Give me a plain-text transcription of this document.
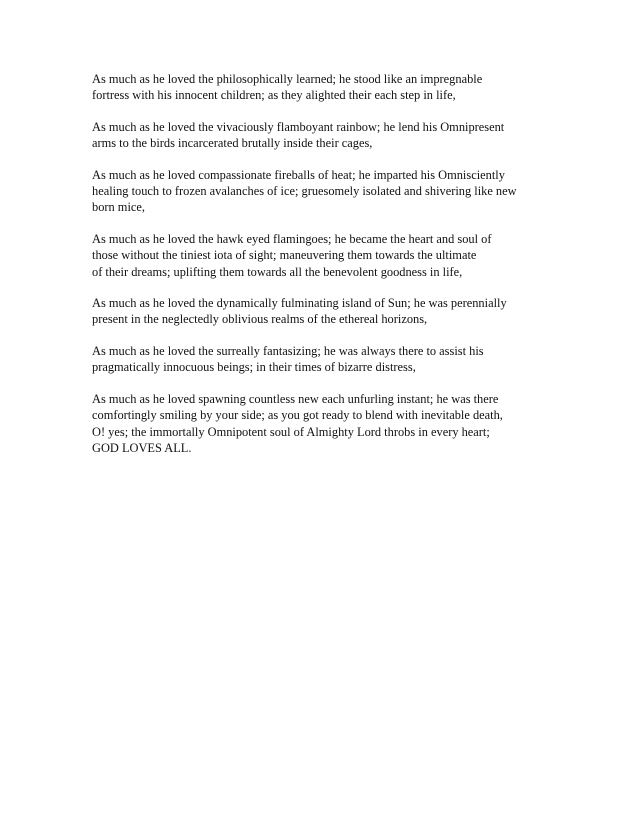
As much as he loved the philosophically learned; he stood like an impregnable
fortress with his innocent children; as they alighted their each step in life,

As much as he loved the vivaciously flamboyant rainbow; he lend his Omnipresent
arms to the birds incarcerated brutally inside their cages,

As much as he loved compassionate fireballs of heat; he imparted his Omnisciently
healing touch to frozen avalanches of ice; gruesomely isolated and shivering like new
born mice,

As much as he loved the hawk eyed flamingoes; he became the heart and soul of
those without the tiniest iota of sight; maneuvering them towards the ultimate
of their dreams; uplifting them towards all the benevolent goodness in life,

As much as he loved the dynamically fulminating island of Sun; he was perennially
present in the neglectedly oblivious realms of the ethereal horizons,

As much as he loved the surreally fantasizing; he was always there to assist his
pragmatically innocuous beings; in their times of bizarre distress,

As much as he loved spawning countless new each unfurling instant; he was there
comfortingly smiling by your side; as you got ready to blend with inevitable death,
O! yes; the immortally Omnipotent soul of Almighty Lord throbs in every heart;
GOD LOVES ALL.
